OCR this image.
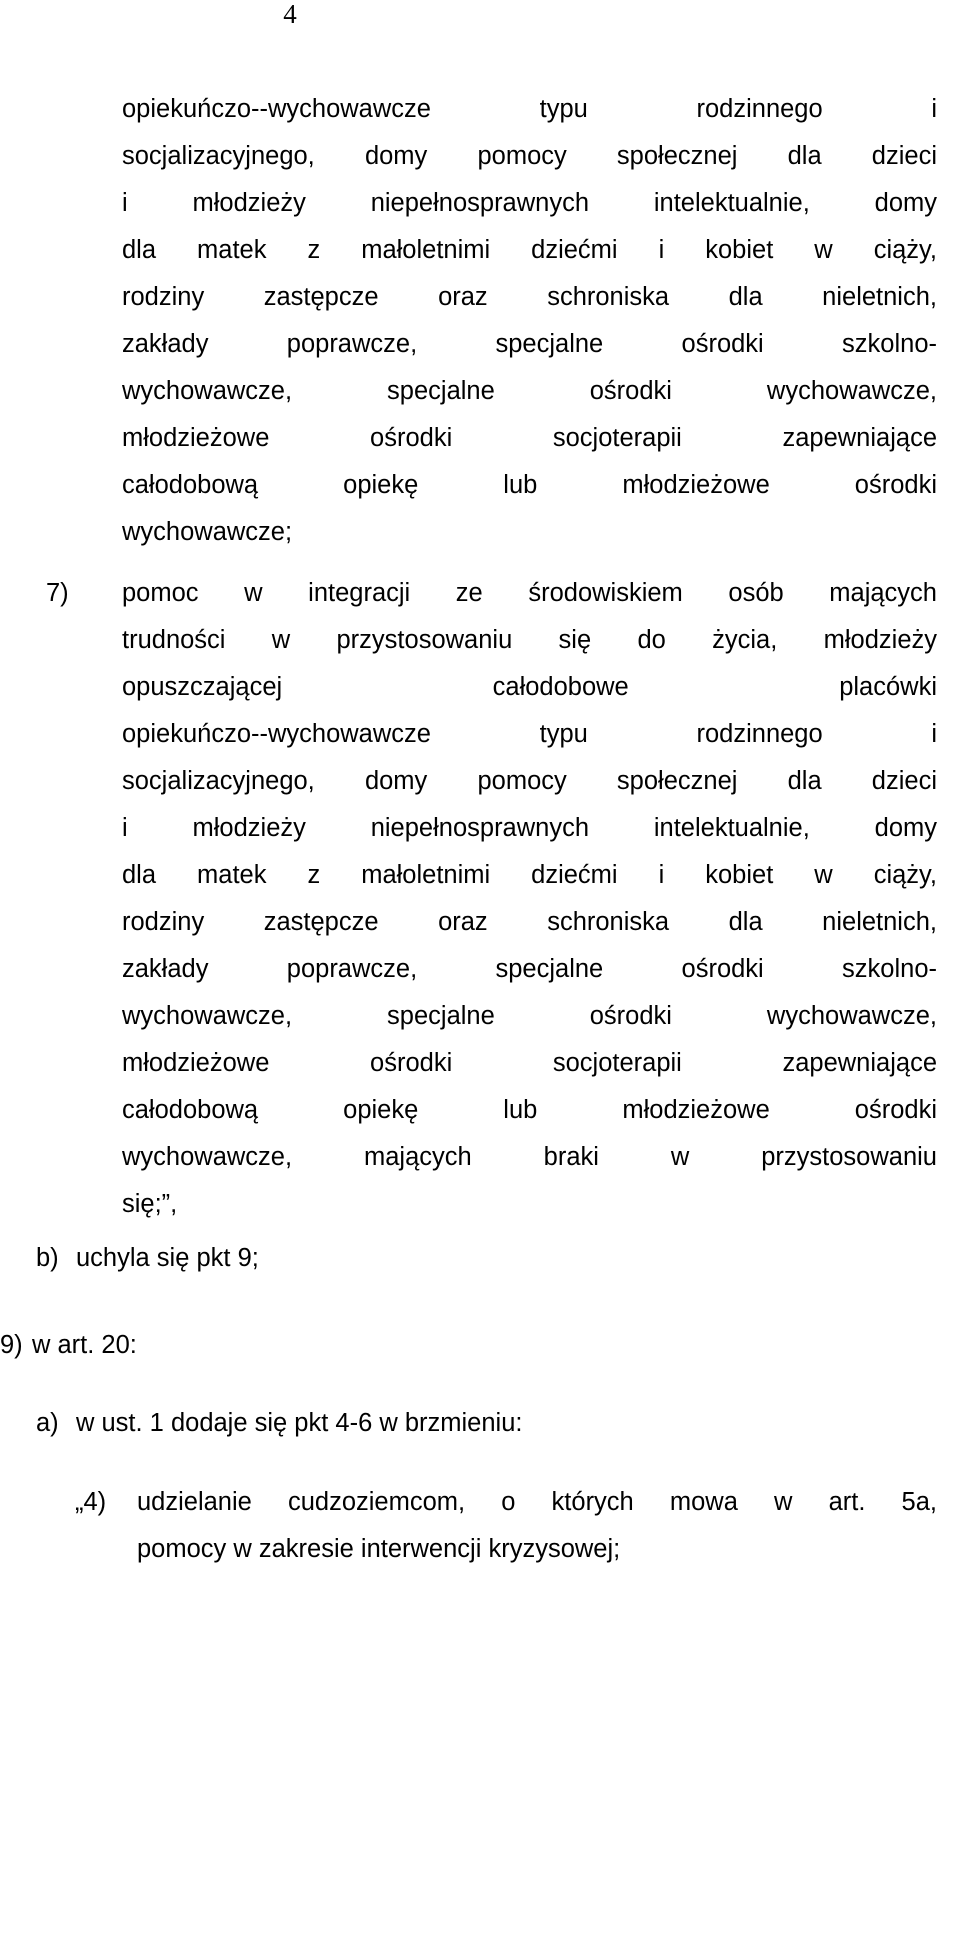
4
opiekuńczo--wychowawcze typu rodzinnego i
socjalizacyjnego, domy pomocy społecznej dla dzieci
i młodzieży niepełnosprawnych intelektualnie, domy
dla matek z małoletnimi dziećmi i kobiet w ciąży,
rodziny zastępcze oraz schroniska dla nieletnich,
zakłady poprawcze, specjalne ośrodki szkolno-
wychowawcze, specjalne ośrodki wychowawcze,
młodzieżowe ośrodki socjoterapii zapewniające
całodobową opiekę lub młodzieżowe ośrodki
wychowawcze;
7) pomoc w integracji ze środowiskiem osób mających
trudności w przystosowaniu się do życia, młodzieży
opuszczającej całodobowe placówki
opiekuńczo--wychowawcze typu rodzinnego i
socjalizacyjnego, domy pomocy społecznej dla dzieci
i młodzieży niepełnosprawnych intelektualnie, domy
dla matek z małoletnimi dziećmi i kobiet w ciąży,
rodziny zastępcze oraz schroniska dla nieletnich,
zakłady poprawcze, specjalne ośrodki szkolno-
wychowawcze, specjalne ośrodki wychowawcze,
młodzieżowe ośrodki socjoterapii zapewniające
całodobową opiekę lub młodzieżowe ośrodki
wychowawcze, mających braki w przystosowaniu
się;”,
b) uchyla się pkt 9;
9) w art. 20:
a) w ust. 1 dodaje się pkt 4-6 w brzmieniu:
„4) udzielanie cudzoziemcom, o których mowa w art. 5a,
pomocy w zakresie interwencji kryzysowej;
